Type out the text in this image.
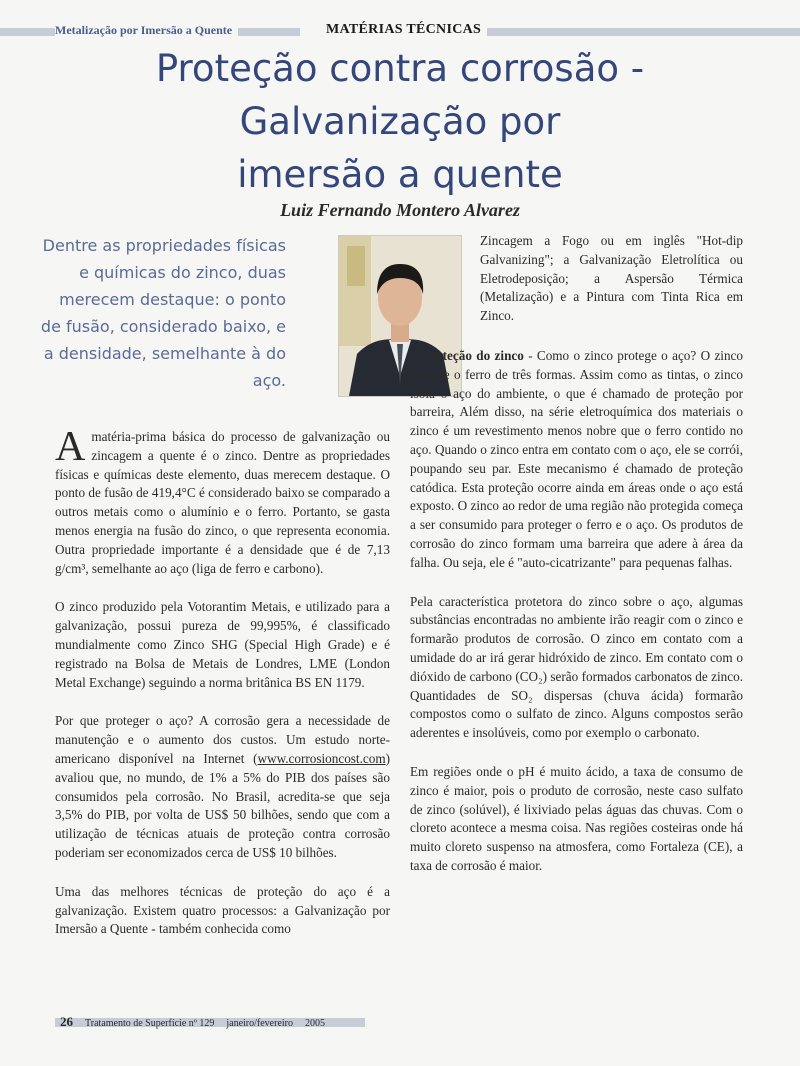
Metalização por Imersão a Quente	MATÉRIAS TÉCNICAS
Proteção contra corrosão -
Galvanização por
imersão a quente
Luiz Fernando Montero Alvarez
Dentre as propriedades físicas e químicas do zinco, duas merecem destaque: o ponto de fusão, considerado baixo, e a densidade, semelhante à do aço.

Amatéria-prima básica do processo de galvanização ou zincagem a quente é o zinco. Dentre as propriedades físicas e químicas deste elemento, duas merecem destaque. O ponto de fusão de 419,4°C é considerado baixo se comparado a outros metais como o alumínio e o ferro. Portanto, se gasta menos energia na fusão do zinco, o que representa economia. Outra propriedade importante é a densidade que é de 7,13 g/cm³, semelhante ao aço (liga de ferro e carbono).

O zinco produzido pela Votorantim Metais, e utilizado para a galvanização, possui pureza de 99,995%, é classificado mundialmente como Zinco SHG (Special High Grade) e é registrado na Bolsa de Metais de Londres, LME (London Metal Exchange) seguindo a norma britânica BS EN 1179.

Por que proteger o aço? A corrosão gera a necessidade de manutenção e o aumento dos custos. Um estudo norte-americano disponível na Internet (www.corrosioncost.com) avaliou que, no mundo, de 1% a 5% do PIB dos países são consumidos pela corrosão. No Brasil, acredita-se que seja 3,5% do PIB, por volta de US$ 50 bilhões, sendo que com a utilização de técnicas atuais de proteção contra corrosão poderiam ser economizados cerca de US$ 10 bilhões.

Uma das melhores técnicas de proteção do aço é a galvanização. Existem quatro processos: a Galvanização por Imersão a Quente - também conhecida como

Zincagem a Fogo ou em inglês "Hot-dip Galvanizing"; a Galvanização Eletrolítica ou Eletrodeposição; a Aspersão Térmica (Metalização) e a Pintura com Tinta Rica em Zinco.

A proteção do zinco - Como o zinco protege o aço? O zinco protege o ferro de três formas. Assim como as tintas, o zinco isola o aço do ambiente, o que é chamado de proteção por barreira, Além disso, na série eletroquímica dos materiais o zinco é um revestimento menos nobre que o ferro contido no aço. Quando o zinco entra em contato com o aço, ele se corrói, poupando seu par. Este mecanismo é chamado de proteção catódica. Esta proteção ocorre ainda em áreas onde o aço está exposto. O zinco ao redor de uma região não protegida começa a ser consumido para proteger o ferro e o aço. Os produtos de corrosão do zinco formam uma barreira que adere à área da falha. Ou seja, ele é "auto-cicatrizante" para pequenas falhas.

Pela característica protetora do zinco sobre o aço, algumas substâncias encontradas no ambiente irão reagir com o zinco e formarão produtos de corrosão. O zinco em contato com a umidade do ar irá gerar hidróxido de zinco. Em contato com o dióxido de carbono (CO₂) serão formados carbonatos de zinco. Quantidades de SO₂ dispersas (chuva ácida) formarão compostos como o sulfato de zinco. Alguns compostos serão aderentes e insolúveis, como por exemplo o carbonato.

Em regiões onde o pH é muito ácido, a taxa de consumo de zinco é maior, pois o produto de corrosão, neste caso sulfato de zinco (solúvel), é lixiviado pelas águas das chuvas. Com o cloreto acontece a mesma coisa. Nas regiões costeiras onde há muito cloreto suspenso na atmosfera, como Fortaleza (CE), a taxa de corrosão é maior.

26 Tratamento de Superfície nº 129 janeiro/fevereiro 2005
